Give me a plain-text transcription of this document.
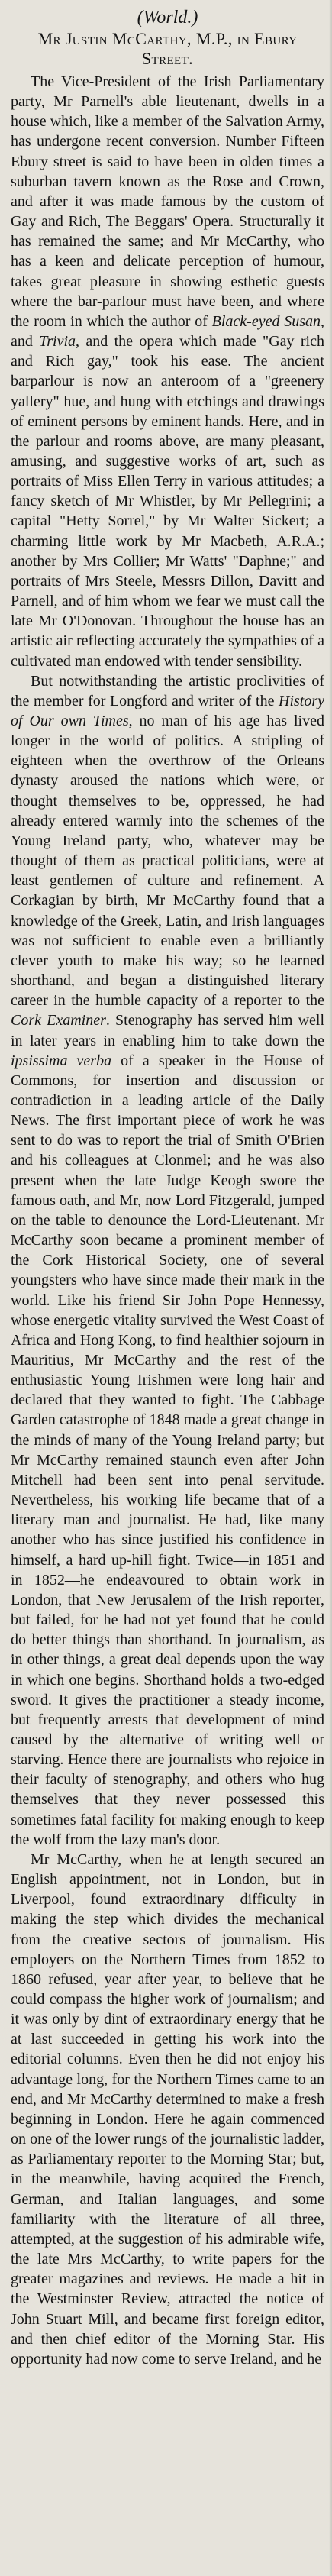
(World.)
Mr Justin McCarthy, M.P., in Ebury Street.

The Vice-President of the Irish Parliamentary party, Mr Parnell's able lieutenant, dwells in a house which, like a member of the Salvation Army, has undergone recent conversion. Number Fifteen Ebury street is said to have been in olden times a suburban tavern known as the Rose and Crown, and after it was made famous by the custom of Gay and Rich, The Beggars' Opera. Structurally it has remained the same; and Mr McCarthy, who has a keen and delicate perception of humour, takes great pleasure in showing esthetic guests where the bar-parlour must have been, and where the room in which the author of Black-eyed Susan, and Trivia, and the opera which made "Gay rich and Rich gay," took his ease. The ancient barparlour is now an anteroom of a "greenery yallery" hue, and hung with etchings and drawings of eminent persons by eminent hands. Here, and in the parlour and rooms above, are many pleasant, amusing, and suggestive works of art, such as portraits of Miss Ellen Terry in various attitudes; a fancy sketch of Mr Whistler, by Mr Pellegrini; a capital "Hetty Sorrel," by Mr Walter Sickert; a charming little work by Mr Macbeth, A.R.A.; another by Mrs Collier; Mr Watts' "Daphne;" and portraits of Mrs Steele, Messrs Dillon, Davitt and Parnell, and of him whom we fear we must call the late Mr O'Donovan. Throughout the house has an artistic air reflecting accurately the sympathies of a cultivated man endowed with tender sensibility.

But notwithstanding the artistic proclivities of the member for Longford and writer of the History of Our own Times, no man of his age has lived longer in the world of politics. A stripling of eighteen when the overthrow of the Orleans dynasty aroused the nations which were, or thought themselves to be, oppressed, he had already entered warmly into the schemes of the Young Ireland party, who, whatever may be thought of them as practical politicians, were at least gentlemen of culture and refinement. A Corkagian by birth, Mr McCarthy found that a knowledge of the Greek, Latin, and Irish languages was not sufficient to enable even a brilliantly clever youth to make his way; so he learned shorthand, and began a distinguished literary career in the humble capacity of a reporter to the Cork Examiner. Stenography has served him well in later years in enabling him to take down the ipsissima verba of a speaker in the House of Commons, for insertion and discussion or contradiction in a leading article of the Daily News. The first important piece of work he was sent to do was to report the trial of Smith O'Brien and his colleagues at Clonmel; and he was also present when the late Judge Keogh swore the famous oath, and Mr, now Lord Fitzgerald, jumped on the table to denounce the Lord-Lieutenant. Mr McCarthy soon became a prominent member of the Cork Historical Society, one of several youngsters who have since made their mark in the world. Like his friend Sir John Pope Hennessy, whose energetic vitality survived the West Coast of Africa and Hong Kong, to find healthier sojourn in Mauritius, Mr McCarthy and the rest of the enthusiastic Young Irishmen were long hair and declared that they wanted to fight. The Cabbage Garden catastrophe of 1848 made a great change in the minds of many of the Young Ireland party; but Mr McCarthy remained staunch even after John Mitchell had been sent into penal servitude. Nevertheless, his working life became that of a literary man and journalist. He had, like many another who has since justified his confidence in himself, a hard up-hill fight. Twice—in 1851 and in 1852—he endeavoured to obtain work in London, that New Jerusalem of the Irish reporter, but failed, for he had not yet found that he could do better things than shorthand. In journalism, as in other things, a great deal depends upon the way in which one begins. Shorthand holds a two-edged sword. It gives the practitioner a steady income, but frequently arrests that development of mind caused by the alternative of writing well or starving. Hence there are journalists who rejoice in their faculty of stenography, and others who hug themselves that they never possessed this sometimes fatal facility for making enough to keep the wolf from the lazy man's door.

Mr McCarthy, when he at length secured an English appointment, not in London, but in Liverpool, found extraordinary difficulty in making the step which divides the mechanical from the creative sectors of journalism. His employers on the Northern Times from 1852 to 1860 refused, year after year, to believe that he could compass the higher work of journalism; and it was only by dint of extraordinary energy that he at last succeeded in getting his work into the editorial columns. Even then he did not enjoy his advantage long, for the Northern Times came to an end, and Mr McCarthy determined to make a fresh beginning in London. Here he again commenced on one of the lower rungs of the journalistic ladder, as Parliamentary reporter to the Morning Star; but, in the meanwhile, having acquired the French, German, and Italian languages, and some familiarity with the literature of all three, attempted, at the suggestion of his admirable wife, the late Mrs McCarthy, to write papers for the greater magazines and reviews. He made a hit in the Westminster Review, attracted the notice of John Stuart Mill, and became first foreign editor, and then chief editor of the Morning Star. His opportunity had now come to serve Ireland, and he
